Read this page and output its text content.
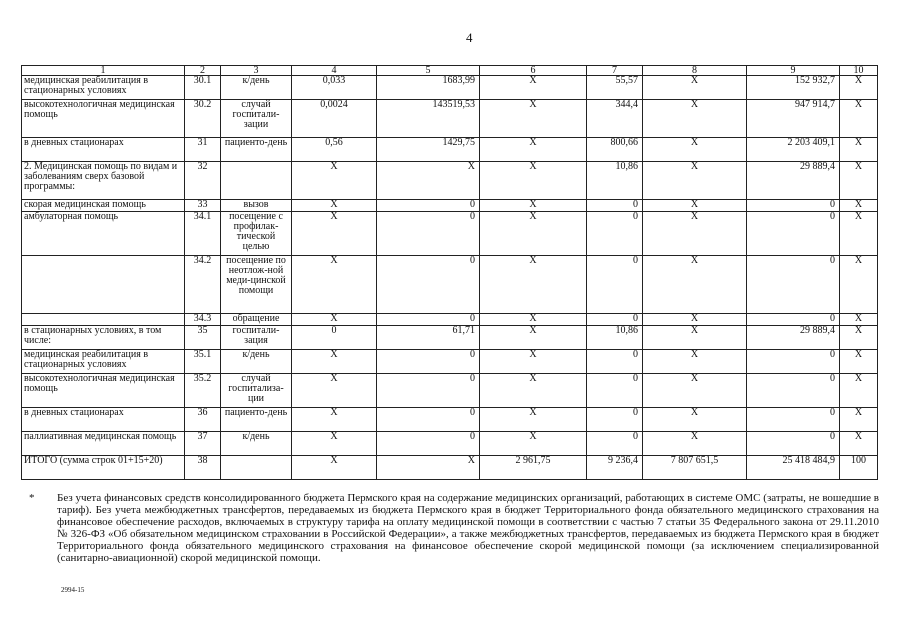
4
1	2	3	4	5	6	7	8	9	10
медицинская реабилитация в стационарных условиях	30.1	к/день	0,033	1683,99	Х	55,57	Х	152 932,7	Х
высокотехнологичная медицинская помощь	30.2	случай госпитали-зации	0,0024	143519,53	Х	344,4	Х	947 914,7	Х
в дневных стационарах	31	пациенто-день	0,56	1429,75	Х	800,66	Х	2 203 409,1	Х
2. Медицинская помощь по видам и заболеваниям сверх базовой программы:	32		Х	Х	Х	10,86	Х	29 889,4	Х
скорая медицинская помощь	33	вызов	Х	0	Х	0	Х	0	Х
амбулаторная помощь	34.1	посещение с профилак-тической целью	Х	0	Х	0	Х	0	Х
	34.2	посещение по неотлож-ной меди-цинской помощи	Х	0	Х	0	Х	0	Х
	34.3	обращение	Х	0	Х	0	Х	0	Х
в стационарных условиях, в том числе:	35	госпитали-зация	0	61,71	Х	10,86	Х	29 889,4	Х
медицинская реабилитация в стационарных условиях	35.1	к/день	Х	0	Х	0	Х	0	Х
высокотехнологичная медицинская помощь	35.2	случай госпитализа-ции	Х	0	Х	0	Х	0	Х
в дневных стационарах	36	пациенто-день	Х	0	Х	0	Х	0	Х
паллиативная медицинская помощь	37	к/день	Х	0	Х	0	Х	0	Х
ИТОГО (сумма строк 01+15+20)	38		Х	Х	2 961,75	9 236,4	7 807 651,5	25 418 484,9	100
* Без учета финансовых средств консолидированного бюджета Пермского края на содержание медицинских организаций, работающих в системе ОМС (затраты, не вошедшие в тариф). Без учета межбюджетных трансфертов, передаваемых из бюджета Пермского края в бюджет Территориального фонда обязательного медицинского страхования на финансовое обеспечение расходов, включаемых в структуру тарифа на оплату медицинской помощи в соответствии с частью 7 статьи 35 Федерального закона от 29.11.2010 № 326-ФЗ «Об обязательном медицинском страховании в Российской Федерации», а также межбюджетных трансфертов, передаваемых из бюджета Пермского края в бюджет Территориального фонда обязательного медицинского страхования на финансовое обеспечение скорой медицинской помощи (за исключением специализированной (санитарно-авиационной) скорой медицинской помощи.
2994-15
